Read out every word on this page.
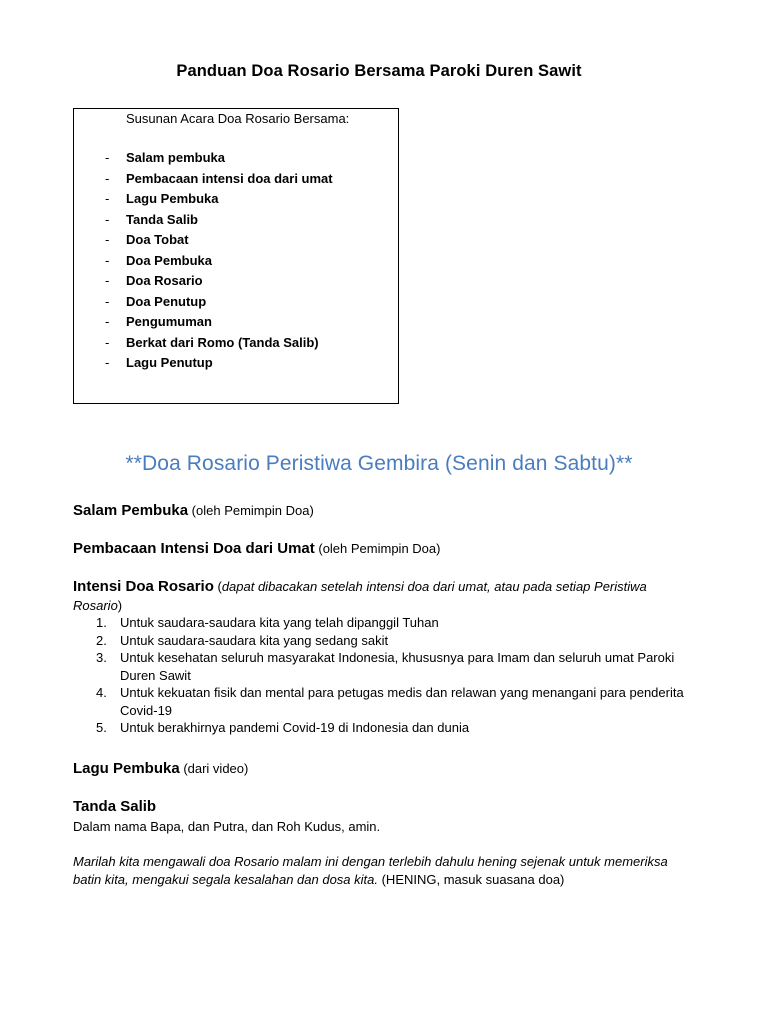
Panduan Doa Rosario Bersama Paroki Duren Sawit
Susunan Acara Doa Rosario Bersama:
- Salam pembuka
- Pembacaan intensi doa dari umat
- Lagu Pembuka
- Tanda Salib
- Doa Tobat
- Doa Pembuka
- Doa Rosario
- Doa Penutup
- Pengumuman
- Berkat dari Romo (Tanda Salib)
- Lagu Penutup
**Doa Rosario Peristiwa Gembira (Senin dan Sabtu)**
Salam Pembuka (oleh Pemimpin Doa)
Pembacaan Intensi Doa dari Umat (oleh Pemimpin Doa)
Intensi Doa Rosario (dapat dibacakan setelah intensi doa dari umat, atau pada setiap Peristiwa Rosario)
1. Untuk saudara-saudara kita yang telah dipanggil Tuhan
2. Untuk saudara-saudara kita yang sedang sakit
3. Untuk kesehatan seluruh masyarakat Indonesia, khususnya para Imam dan seluruh umat Paroki Duren Sawit
4. Untuk kekuatan fisik dan mental para petugas medis dan relawan yang menangani para penderita Covid-19
5. Untuk berakhirnya pandemi Covid-19 di Indonesia dan dunia
Lagu Pembuka (dari video)
Tanda Salib
Dalam nama Bapa, dan Putra, dan Roh Kudus, amin.
Marilah kita mengawali doa Rosario malam ini dengan terlebih dahulu hening sejenak untuk memeriksa batin kita, mengakui segala kesalahan dan dosa kita. (HENING, masuk suasana doa)
